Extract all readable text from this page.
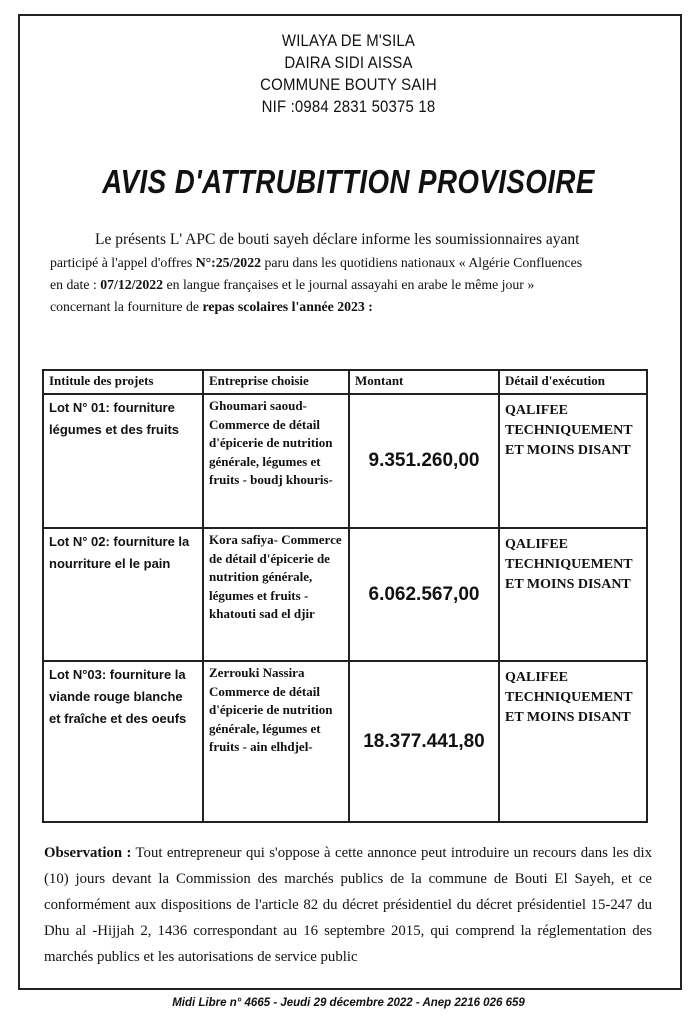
WILAYA DE M'SILA
DAIRA SIDI AISSA
COMMUNE BOUTY SAIH
NIF :0984 2831 50375 18
AVIS D'ATTRUBITTION PROVISOIRE

Le présents L' APC de bouti sayeh déclare informe les soumissionnaires ayant

participé à l'appel d'offres N°:25/2022 paru dans les quotidiens nationaux « Algérie Confluences

en date : 07/12/2022 en langue françaises et le journal assayahi en arabe le même jour »

concernant la fourniture de repas scolaires l'année 2023 :

Intitule des projets	Entreprise choisie	Montant	Détail d'exécution
Lot N° 01: fourniture légumes et des fruits	Ghoumari saoud- Commerce de détail d'épicerie de nutrition générale, légumes et fruits - boudj khouris-	9.351.260,00	QALIFEE TECHNIQUEMENT ET MOINS DISANT
Lot N° 02: fourniture la nourriture el le pain	Kora safiya- Commerce de détail d'épicerie de nutrition générale, légumes et fruits - khatouti sad el djir	6.062.567,00	QALIFEE TECHNIQUEMENT ET MOINS DISANT
Lot N°03: fourniture la viande rouge blanche et fraîche et des oeufs	Zerrouki Nassira Commerce de détail d'épicerie de nutrition générale, légumes et fruits - ain elhdjel-	18.377.441,80	QALIFEE TECHNIQUEMENT ET MOINS DISANT
Observation : Tout entrepreneur qui s'oppose à cette annonce peut introduire un recours dans les dix (10) jours devant la Commission des marchés publics de la commune de Bouti El Sayeh, et ce conformément aux dispositions de l'article 82 du décret présidentiel du décret présidentiel 15-247 du Dhu al -Hijjah 2, 1436 correspondant au 16 septembre 2015, qui comprend la réglementation des marchés publics et les autorisations de service public
Midi Libre n° 4665 - Jeudi 29 décembre 2022 - Anep 2216 026 659
